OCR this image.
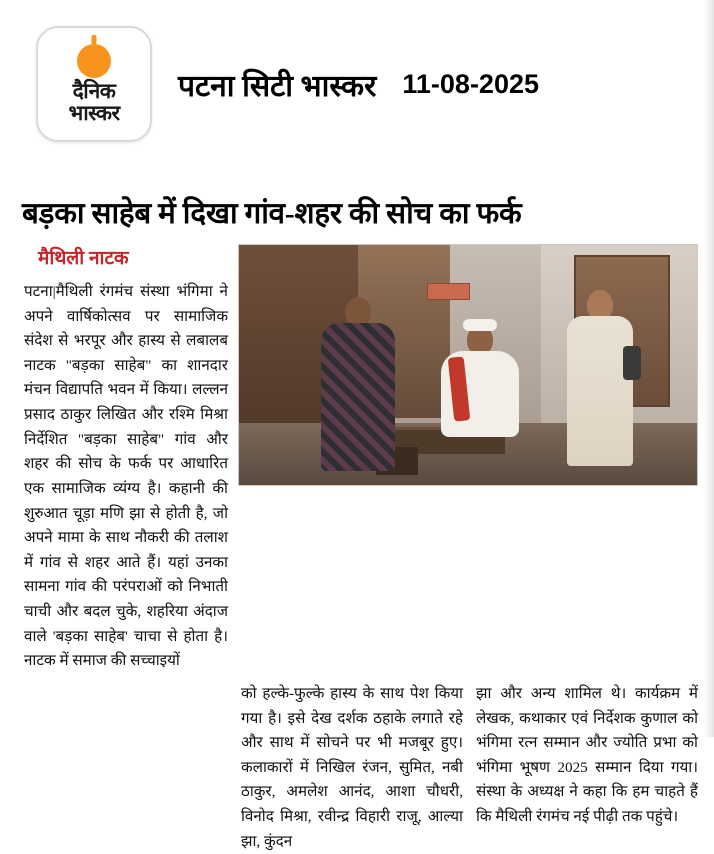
दैनिक
भास्कर
पटना सिटी भास्कर 11-08-2025
बड़का साहेब में दिखा गांव-शहर की सोच का फर्क
मैथिली नाटक
पटना|मैथिली रंगमंच संस्था भंगिमा ने अपने वार्षिकोत्सव पर सामाजिक संदेश से भरपूर और हास्य से लबालब नाटक "बड़का साहेब" का शानदार मंचन विद्यापति भवन में किया। लल्लन प्रसाद ठाकुर लिखित और रश्मि मिश्रा निर्देशित "बड़का साहेब" गांव और शहर की सोच के फर्क पर आधारित एक सामाजिक व्यंग्य है। कहानी की शुरुआत चूड़ा मणि झा से होती है, जो अपने मामा के साथ नौकरी की तलाश में गांव से शहर आते हैं। यहां उनका सामना गांव की परंपराओं को निभाती चाची और बदल चुके, शहरिया अंदाज वाले 'बड़का साहेब' चाचा से होता है। नाटक में समाज की सच्चाइयों
को हल्के-फुल्के हास्य के साथ पेश किया गया है। इसे देख दर्शक ठहाके लगाते रहे और साथ में सोचने पर भी मजबूर हुए। कलाकारों में निखिल रंजन, सुमित, नबी ठाकुर, अमलेश आनंद, आशा चौधरी, विनोद मिश्रा, रवीन्द्र विहारी राजू, आल्या झा, कुंदन
झा और अन्य शामिल थे। कार्यक्रम में लेखक, कथाकार एवं निर्देशक कुणाल को भंगिमा रत्न सम्मान और ज्योति प्रभा को भंगिमा भूषण 2025 सम्मान दिया गया। संस्था के अध्यक्ष ने कहा कि हम चाहते हैं कि मैथिली रंगमंच नई पीढ़ी तक पहुंचे।
